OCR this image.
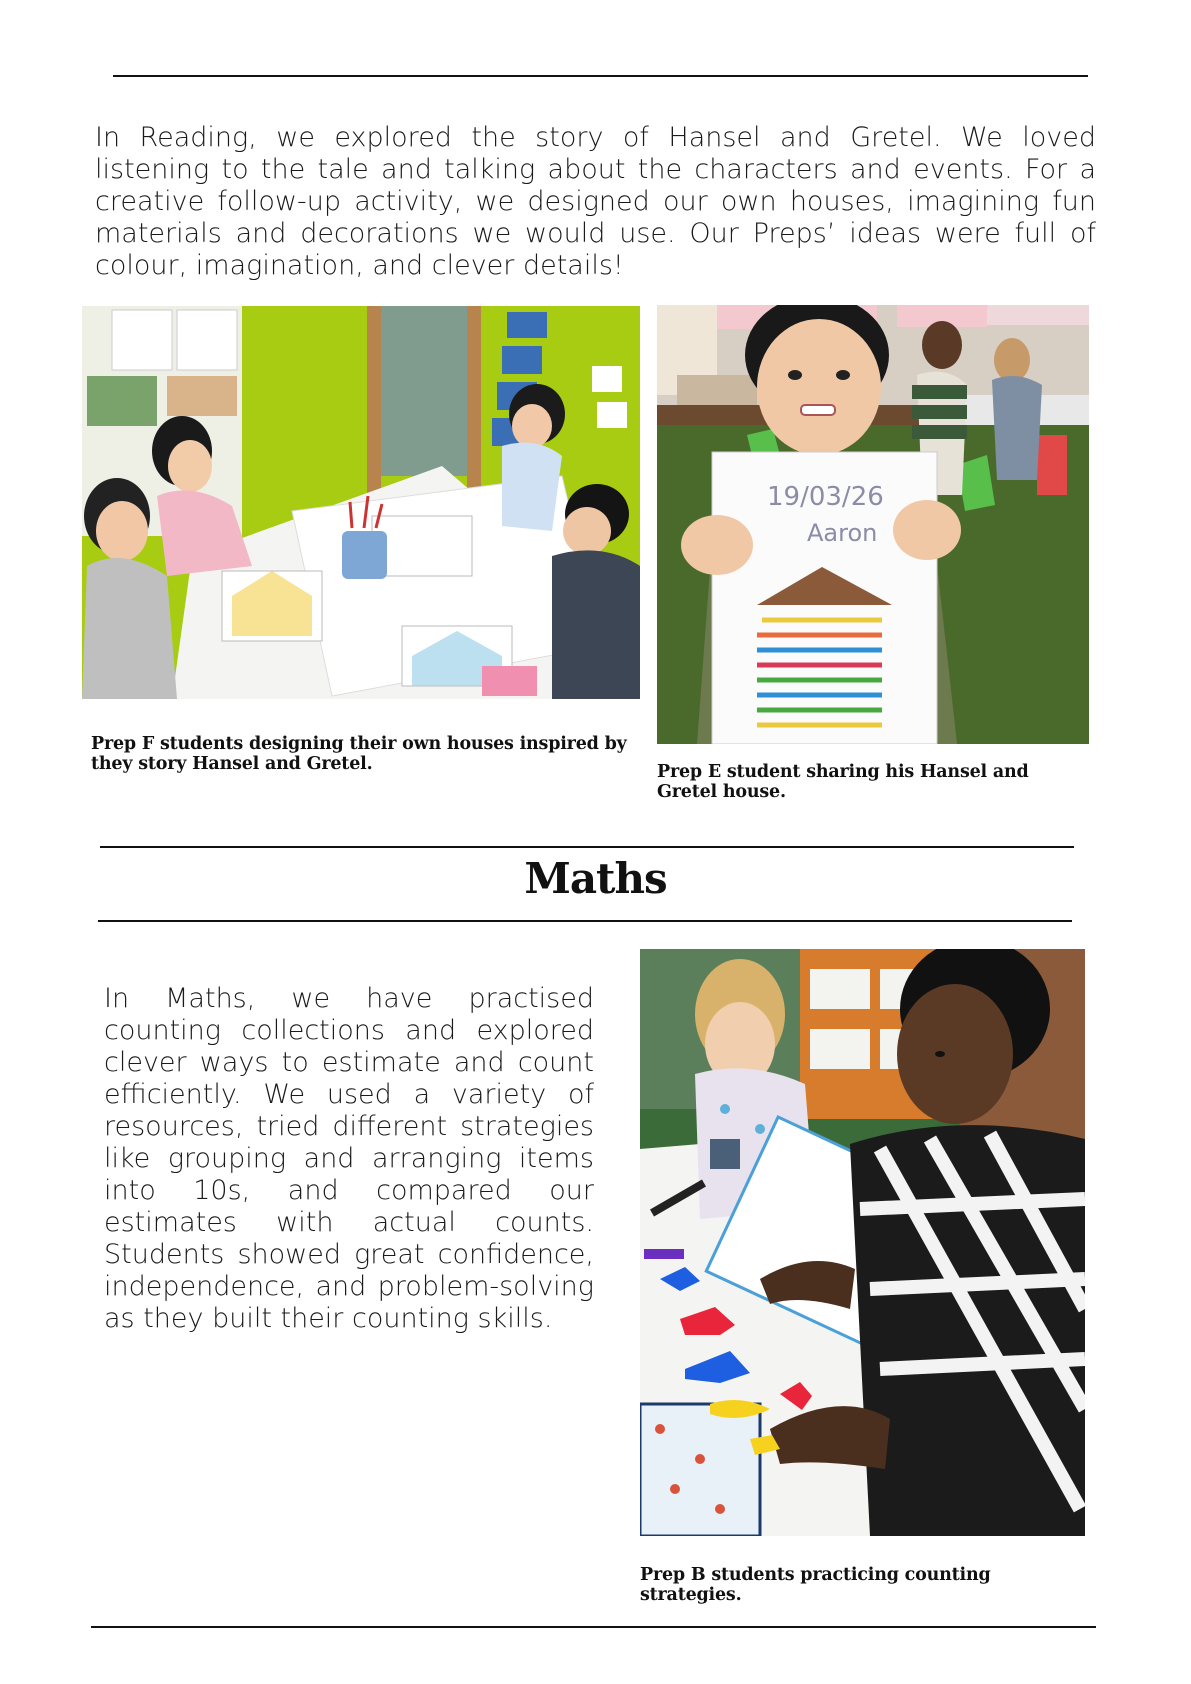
In Reading, we explored the story of Hansel and Gretel. We loved listening to the tale and talking about the characters and events. For a creative follow-up activity, we designed our own houses, imagining fun materials and decorations we would use. Our Preps’ ideas were full of colour, imagination, and clever details!

19/03/26
Aaron
Prep F students designing their own houses inspired by they story Hansel and Gretel.	Prep E student sharing his Hansel and Gretel house.
Maths

In Maths, we have practised counting collections and explored clever ways to estimate and count efficiently. We used a variety of resources, tried different strategies like grouping and arranging items into 10s, and compared our estimates with actual counts. Students showed great confidence, independence, and problem-solving as they built their counting skills.

Prep B students practicing counting strategies.
